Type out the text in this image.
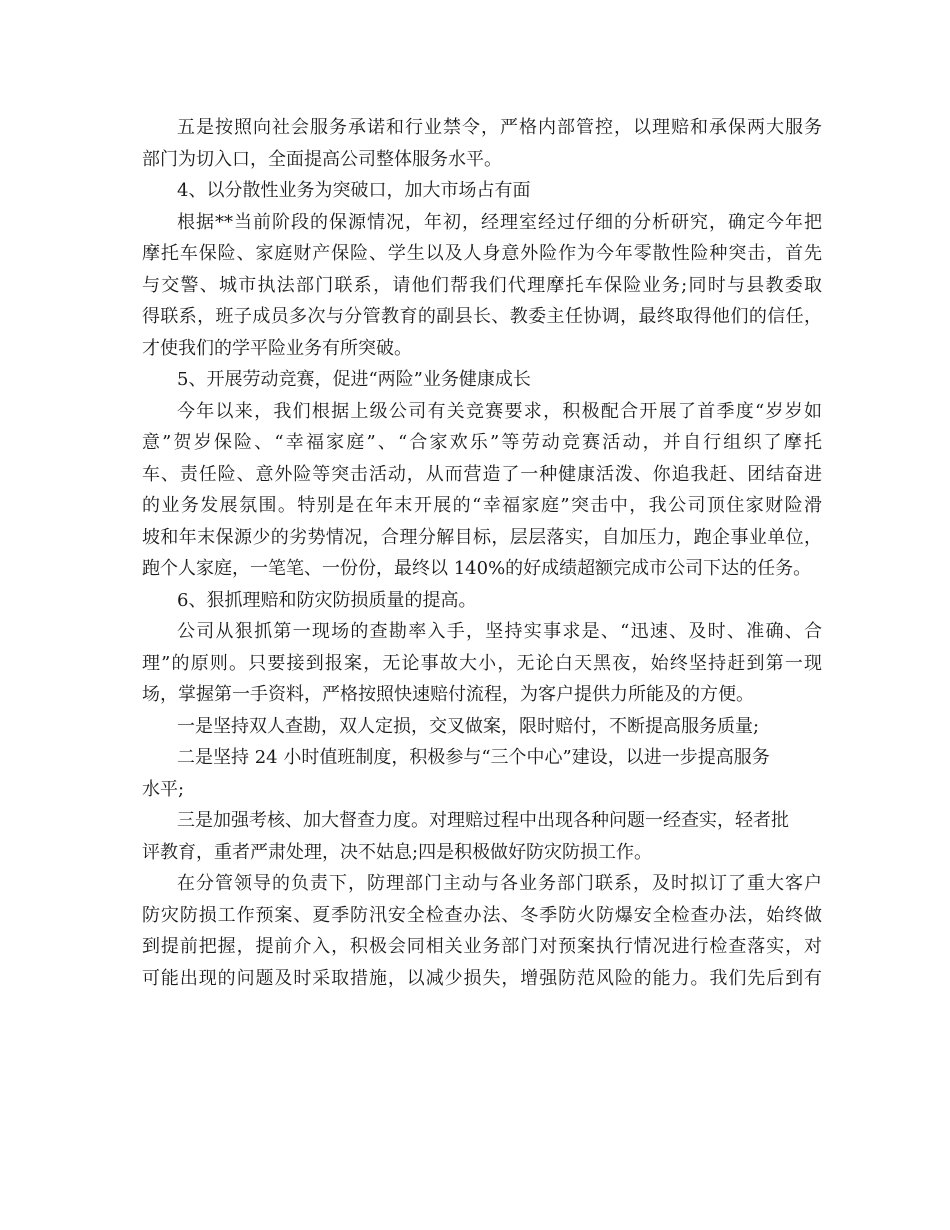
五是按照向社会服务承诺和行业禁令，严格内部管控，以理赔和承保两大服务
部门为切入口，全面提高公司整体服务水平。
4、以分散性业务为突破口，加大市场占有面
根据**当前阶段的保源情况，年初，经理室经过仔细的分析研究，确定今年把
摩托车保险、家庭财产保险、学生以及人身意外险作为今年零散性险种突击，首先
与交警、城市执法部门联系，请他们帮我们代理摩托车保险业务;同时与县教委取
得联系，班子成员多次与分管教育的副县长、教委主任协调，最终取得他们的信任，
才使我们的学平险业务有所突破。
5、开展劳动竞赛，促进“两险”业务健康成长
今年以来，我们根据上级公司有关竞赛要求，积极配合开展了首季度“岁岁如
意”贺岁保险、“幸福家庭”、“合家欢乐”等劳动竞赛活动，并自行组织了摩托
车、责任险、意外险等突击活动，从而营造了一种健康活泼、你追我赶、团结奋进
的业务发展氛围。特别是在年末开展的“幸福家庭”突击中，我公司顶住家财险滑
坡和年末保源少的劣势情况，合理分解目标，层层落实，自加压力，跑企事业单位，
跑个人家庭，一笔笔、一份份，最终以 140%的好成绩超额完成市公司下达的任务。
6、狠抓理赔和防灾防损质量的提高。
公司从狠抓第一现场的查勘率入手，坚持实事求是、“迅速、及时、准确、合
理”的原则。只要接到报案，无论事故大小，无论白天黑夜，始终坚持赶到第一现
场，掌握第一手资料，严格按照快速赔付流程，为客户提供力所能及的方便。
一是坚持双人查勘，双人定损，交叉做案，限时赔付，不断提高服务质量;
二是坚持 24 小时值班制度，积极参与“三个中心”建设，以进一步提高服务
水平;
三是加强考核、加大督查力度。对理赔过程中出现各种问题一经查实，轻者批
评教育，重者严肃处理，决不姑息;四是积极做好防灾防损工作。
在分管领导的负责下，防理部门主动与各业务部门联系，及时拟订了重大客户
防灾防损工作预案、夏季防汛安全检查办法、冬季防火防爆安全检查办法，始终做
到提前把握，提前介入，积极会同相关业务部门对预案执行情况进行检查落实，对
可能出现的问题及时采取措施，以减少损失，增强防范风险的能力。我们先后到有
